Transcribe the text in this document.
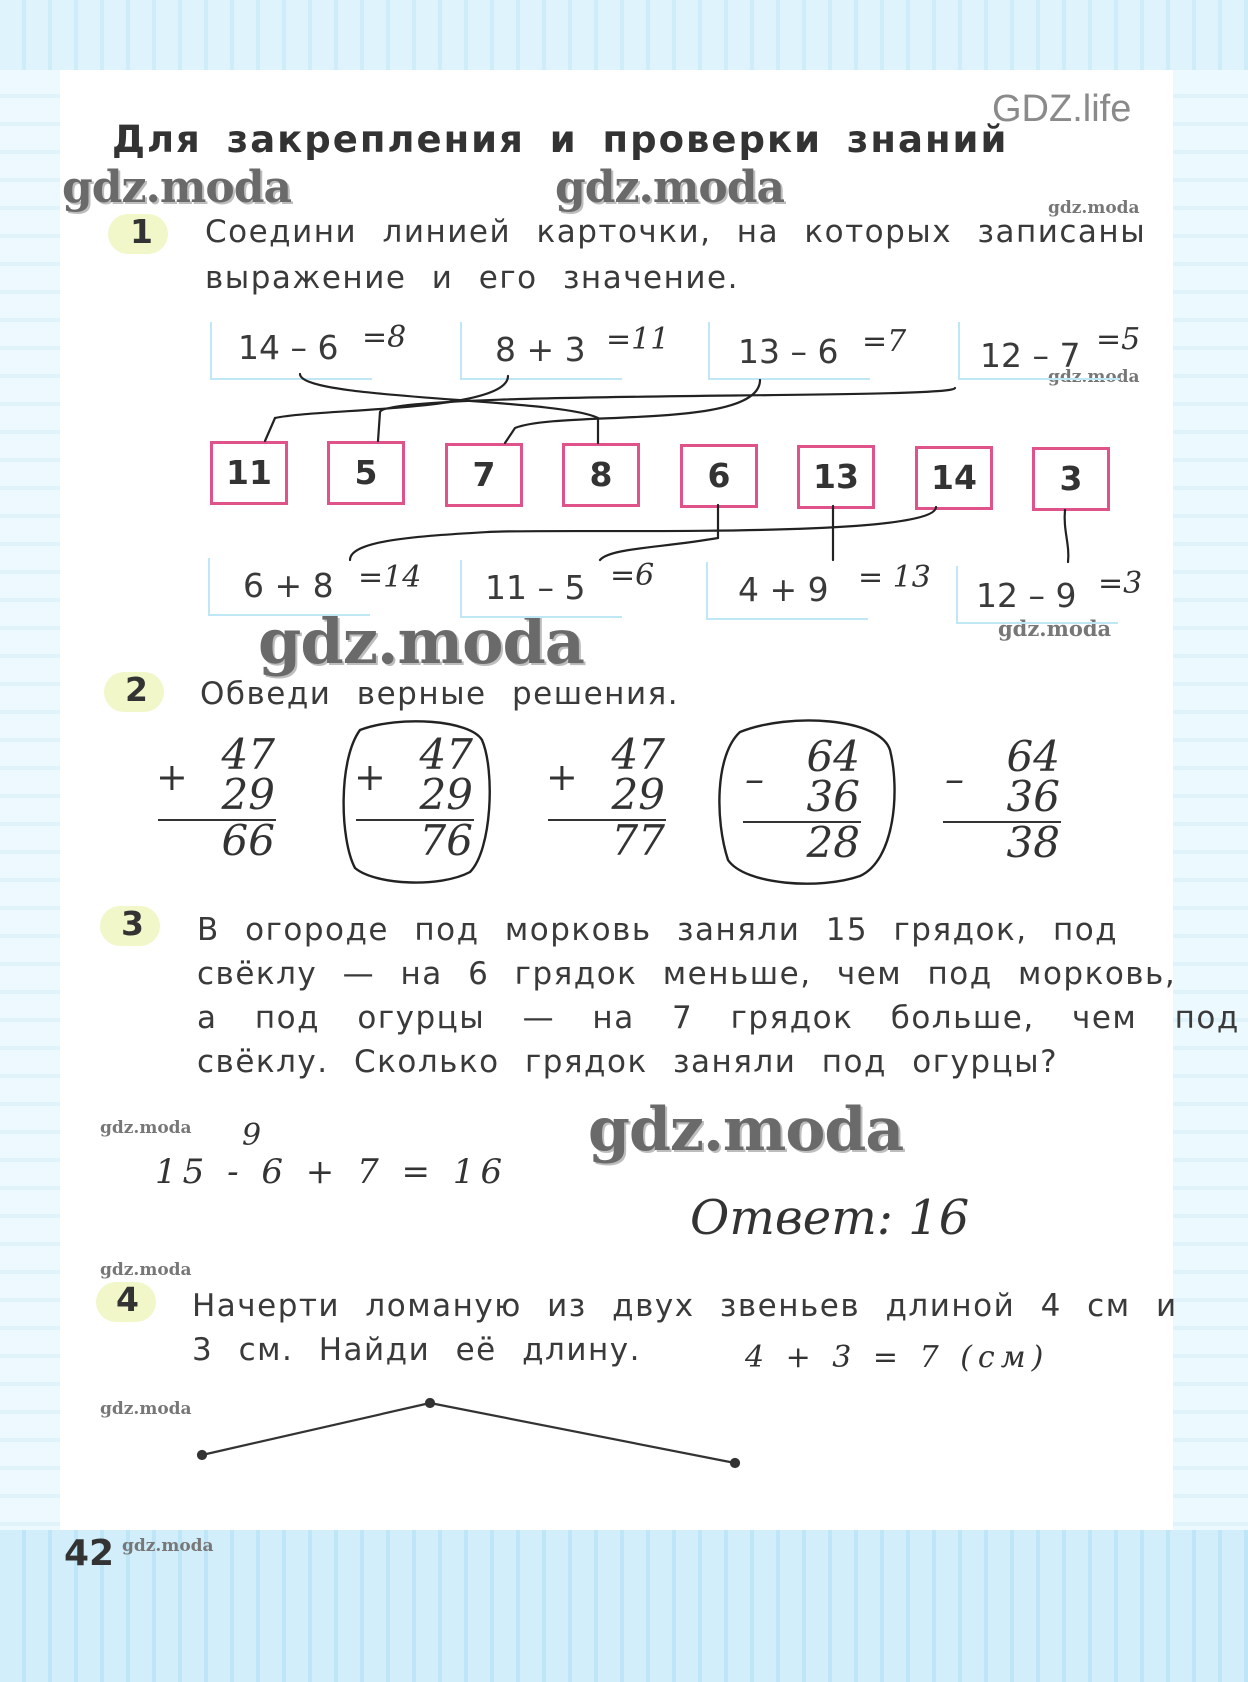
GDZ.life
Для закрепления и проверки знаний
gdz.moda	gdz.moda	gdz.moda
gdz.moda
gdz.moda	gdz.moda
gdz.moda
gdz.moda
gdz.moda
gdz.moda
gdz.moda
1 Соедини линией карточки, на которых записаны
выражение и его значение.
14 – 6 =8	8 + 3 =11 13 – 6 =7 12 – 7 =5
11	5	7	8	6	13	14	3
6 + 8 =14 11 – 5 =6	4 + 9 = 13 12 – 9 =3
2 Обведи верные решения.
+ 47
29
66
+ 47
29
76
+ 47
29
77
–	64
36
28
–	64
36
38
3 В огороде под морковь заняли 15 грядок, под
свёклу — на 6 грядок меньше, чем под морковь,
а под огурцы — на 7 грядок больше, чем под
свёклу. Сколько грядок заняли под огурцы?
9
15 - 6 + 7 = 16
Ответ: 16
4 Начерти ломаную из двух звеньев длиной 4 см и
3 см. Найди её длину.	4 + 3 = 7 (см)
42
